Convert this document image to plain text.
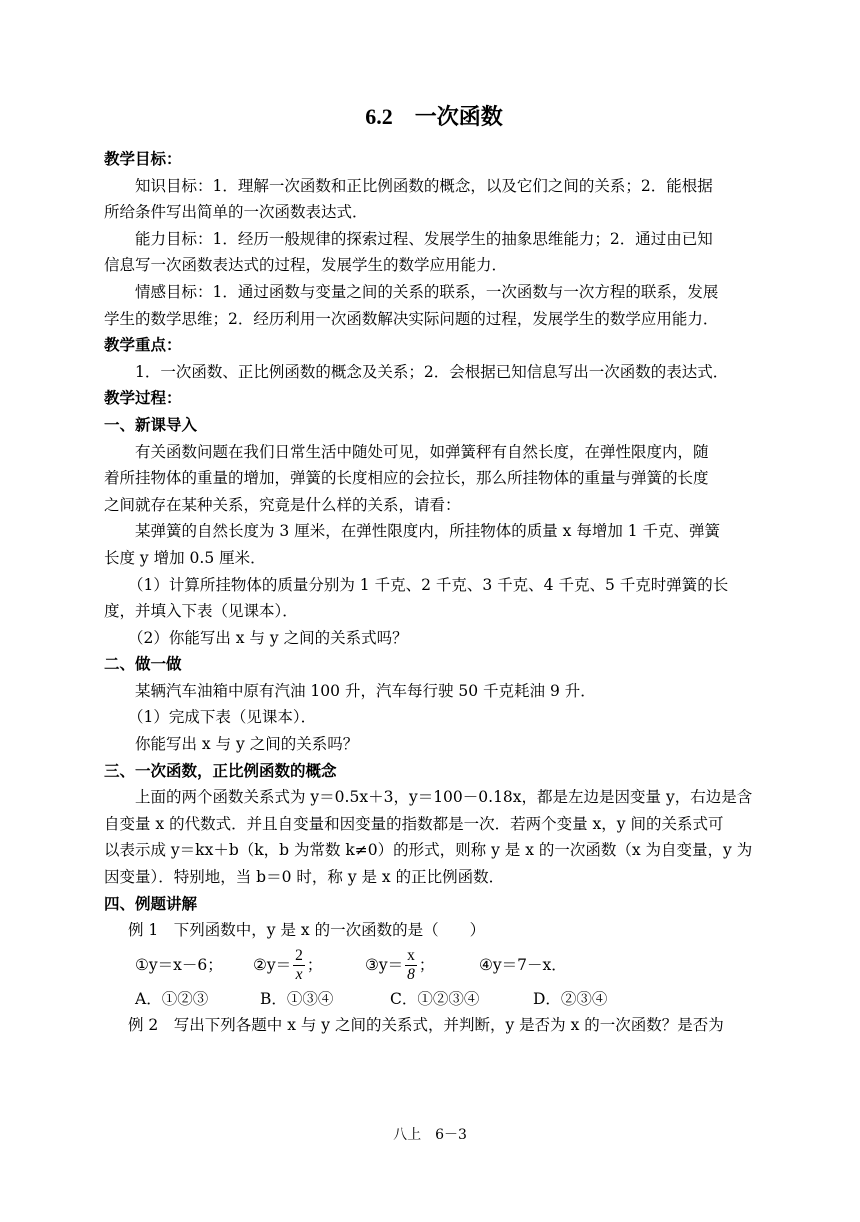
6.2 一次函数
教学目标：
知识目标：1．理解一次函数和正比例函数的概念，以及它们之间的关系；2．能根据
所给条件写出简单的一次函数表达式．
能力目标：1．经历一般规律的探索过程、发展学生的抽象思维能力；2．通过由已知
信息写一次函数表达式的过程，发展学生的数学应用能力．
情感目标：1．通过函数与变量之间的关系的联系，一次函数与一次方程的联系，发展
学生的数学思维；2．经历利用一次函数解决实际问题的过程，发展学生的数学应用能力．
教学重点：
1．一次函数、正比例函数的概念及关系；2．会根据已知信息写出一次函数的表达式．
教学过程：
一、新课导入
有关函数问题在我们日常生活中随处可见，如弹簧秤有自然长度，在弹性限度内，随
着所挂物体的重量的增加，弹簧的长度相应的会拉长，那么所挂物体的重量与弹簧的长度
之间就存在某种关系，究竟是什么样的关系，请看：
某弹簧的自然长度为 3 厘米，在弹性限度内，所挂物体的质量 x 每增加 1 千克、弹簧
长度 y 增加 0.5 厘米．
（1）计算所挂物体的质量分别为 1 千克、2 千克、3 千克、4 千克、5 千克时弹簧的长
度，并填入下表（见课本）．
（2）你能写出 x 与 y 之间的关系式吗？
二、做一做
某辆汽车油箱中原有汽油 100 升，汽车每行驶 50 千克耗油 9 升．
（1）完成下表（见课本）．
你能写出 x 与 y 之间的关系吗？
三、一次函数，正比例函数的概念
上面的两个函数关系式为 y＝0.5x＋3，y＝100－0.18x，都是左边是因变量 y，右边是含
自变量 x 的代数式．并且自变量和因变量的指数都是一次．若两个变量 x，y 间的关系式可
以表示成 y＝kx＋b（k，b 为常数 k≠0）的形式，则称 y 是 x 的一次函数（x 为自变量，y 为
因变量）．特别地，当 b＝0 时，称 y 是 x 的正比例函数．
四、例题讲解
例 1　下列函数中，y 是 x 的一次函数的是（　　）
①y＝x－6；	②y＝ $\frac{2}{x}$ ；	③y＝ $\frac{x}{8}$ ；	④y＝7－x．
A．①②③	B．①③④	C．①②③④	D．②③④
例 2　写出下列各题中 x 与 y 之间的关系式，并判断，y 是否为 x 的一次函数？是否为
八上　6－3
